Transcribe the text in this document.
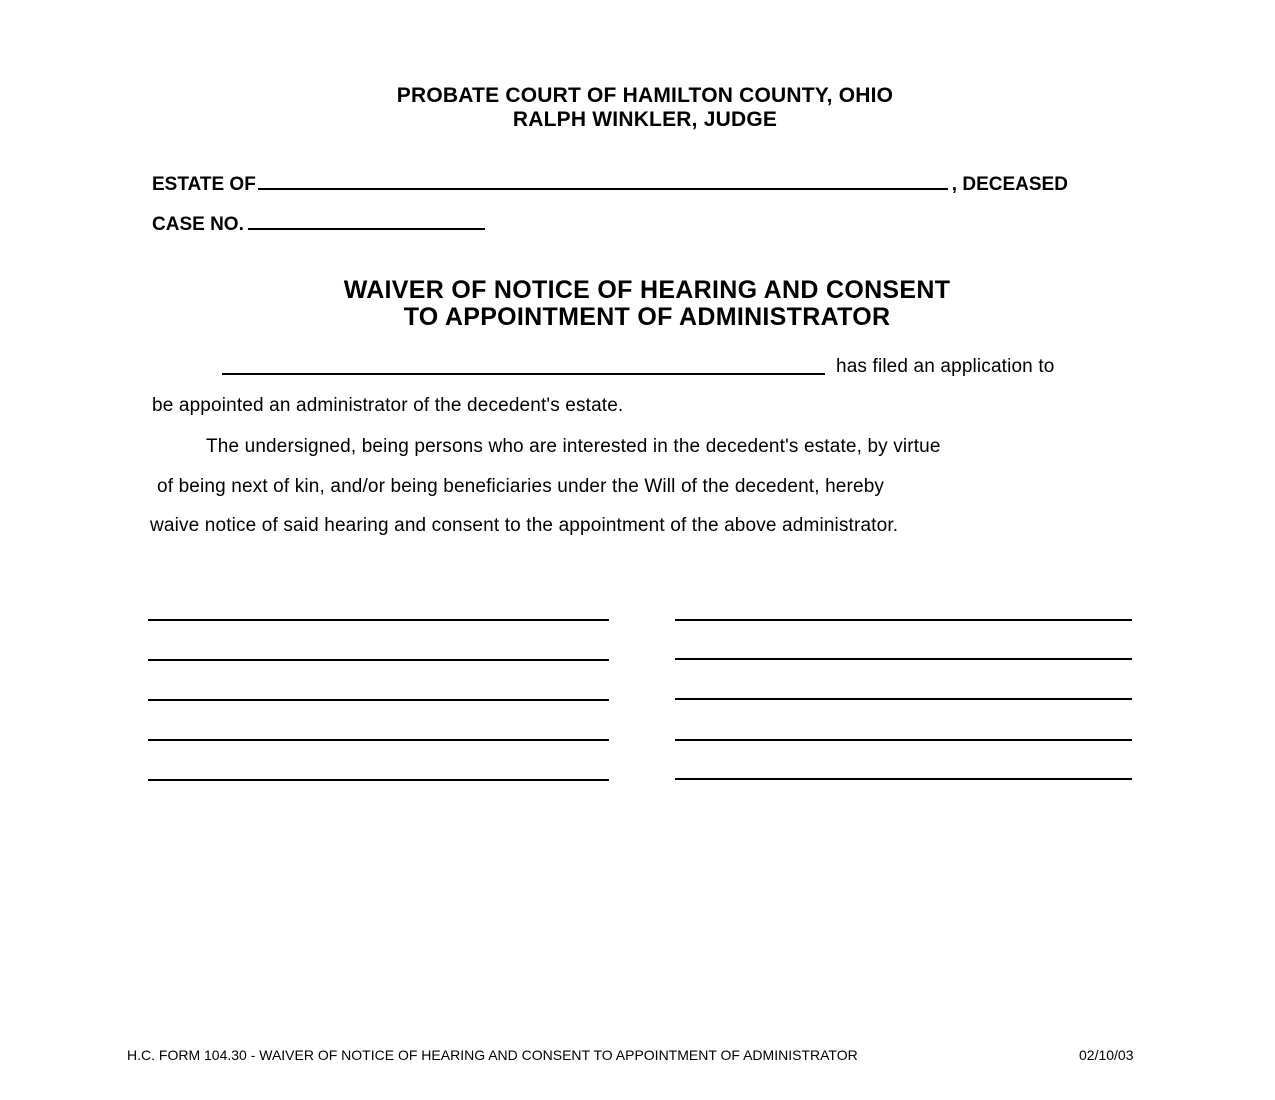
PROBATE COURT OF HAMILTON COUNTY, OHIO

RALPH WINKLER, JUDGE
ESTATE OF	, DECEASED
CASE NO.
WAIVER OF NOTICE OF HEARING AND CONSENT
TO APPOINTMENT OF ADMINISTRATOR
has filed an application to
be appointed an administrator of the decedent's estate.
The undersigned, being persons who are interested in the decedent's estate, by virtue
of being next of kin, and/or being beneficiaries under the Will of the decedent, hereby
waive notice of said hearing and consent to the appointment of the above administrator.
H.C. FORM 104.30 - WAIVER OF NOTICE OF HEARING AND CONSENT TO APPOINTMENT OF ADMINISTRATOR	02/10/03
